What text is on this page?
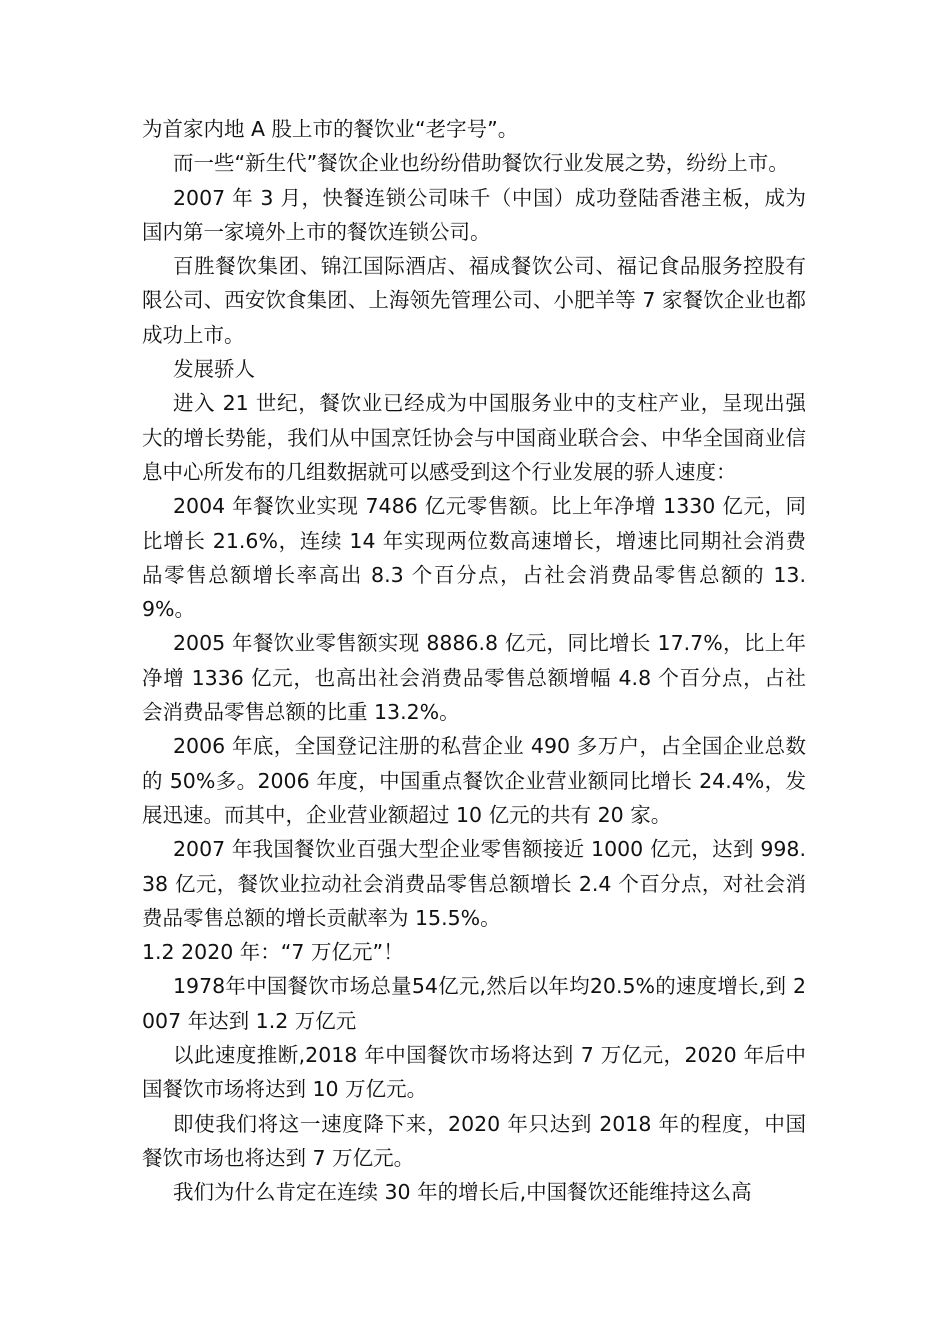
为首家内地 A 股上市的餐饮业“老字号”。

而一些“新生代”餐饮企业也纷纷借助餐饮行业发展之势，纷纷上市。

2007 年 3 月，快餐连锁公司味千（中国）成功登陆香港主板，成为国内第一家境外上市的餐饮连锁公司。

百胜餐饮集团、锦江国际酒店、福成餐饮公司、福记食品服务控股有限公司、西安饮食集团、上海领先管理公司、小肥羊等 7 家餐饮企业也都成功上市。

发展骄人

进入 21 世纪，餐饮业已经成为中国服务业中的支柱产业，呈现出强大的增长势能，我们从中国烹饪协会与中国商业联合会、中华全国商业信息中心所发布的几组数据就可以感受到这个行业发展的骄人速度：

2004 年餐饮业实现 7486 亿元零售额。比上年净增 1330 亿元，同比增长 21.6%，连续 14 年实现两位数高速增长，增速比同期社会消费品零售总额增长率高出 8.3 个百分点，占社会消费品零售总额的 13.9%。

2005 年餐饮业零售额实现 8886.8 亿元，同比增长 17.7%，比上年净增 1336 亿元，也高出社会消费品零售总额增幅 4.8 个百分点，占社会消费品零售总额的比重 13.2%。

2006 年底，全国登记注册的私营企业 490 多万户，占全国企业总数的 50%多。2006 年度，中国重点餐饮企业营业额同比增长 24.4%，发展迅速。而其中，企业营业额超过 10 亿元的共有 20 家。

2007 年我国餐饮业百强大型企业零售额接近 1000 亿元，达到 998.38 亿元，餐饮业拉动社会消费品零售总额增长 2.4 个百分点，对社会消费品零售总额的增长贡献率为 15.5%。

1.2 2020 年：“7 万亿元”！

1978年中国餐饮市场总量54亿元,然后以年均20.5%的速度增长,到 2007 年达到 1.2 万亿元

以此速度推断,2018 年中国餐饮市场将达到 7 万亿元，2020 年后中国餐饮市场将达到 10 万亿元。

即使我们将这一速度降下来，2020 年只达到 2018 年的程度，中国餐饮市场也将达到 7 万亿元。

我们为什么肯定在连续 30 年的增长后,中国餐饮还能维持这么高
